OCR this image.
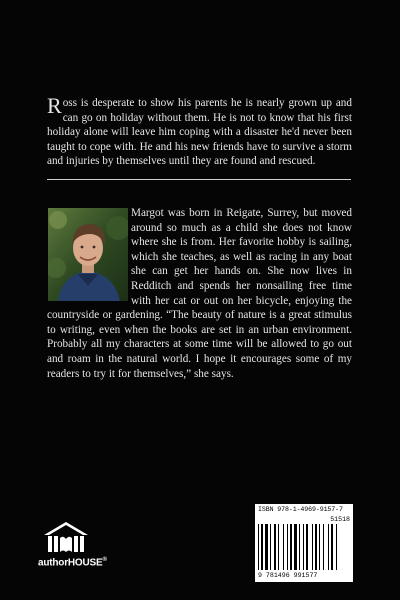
Ross is desperate to show his parents he is nearly grown up and can go on holiday without them. He is not to know that his first holiday alone will leave him coping with a disaster he'd never been taught to cope with. He and his new friends have to survive a storm and injuries by themselves until they are found and rescued.

Margot was born in Reigate, Surrey, but moved around so much as a child she does not know where she is from. Her favorite hobby is sailing, which she teaches, as well as racing in any boat she can get her hands on. She now lives in Redditch and spends her nonsailing free time with her cat or out on her bicycle, enjoying the countryside or gardening. “The beauty of nature is a great stimulus to writing, even when the books are set in an urban environment. Probably all my characters at some time will be allowed to go out and roam in the natural world. I hope it encourages some of my readers to try it for themselves,” she says.

authorHOUSE®
ISBN 978-1-4969-9157-7
51518
9 781496 991577
